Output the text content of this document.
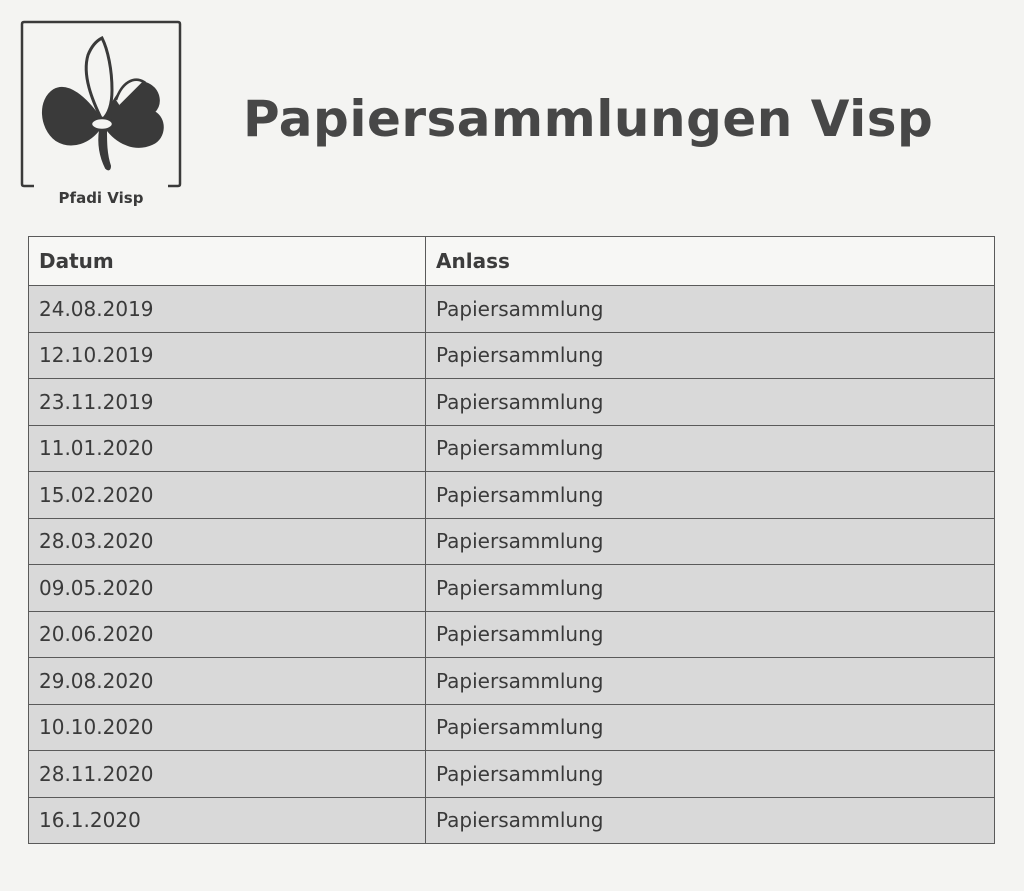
Pfadi Visp
Papiersammlungen Visp
Datum	Anlass
24.08.2019	Papiersammlung
12.10.2019	Papiersammlung
23.11.2019	Papiersammlung
11.01.2020	Papiersammlung
15.02.2020	Papiersammlung
28.03.2020	Papiersammlung
09.05.2020	Papiersammlung
20.06.2020	Papiersammlung
29.08.2020	Papiersammlung
10.10.2020	Papiersammlung
28.11.2020	Papiersammlung
16.1.2020	Papiersammlung
